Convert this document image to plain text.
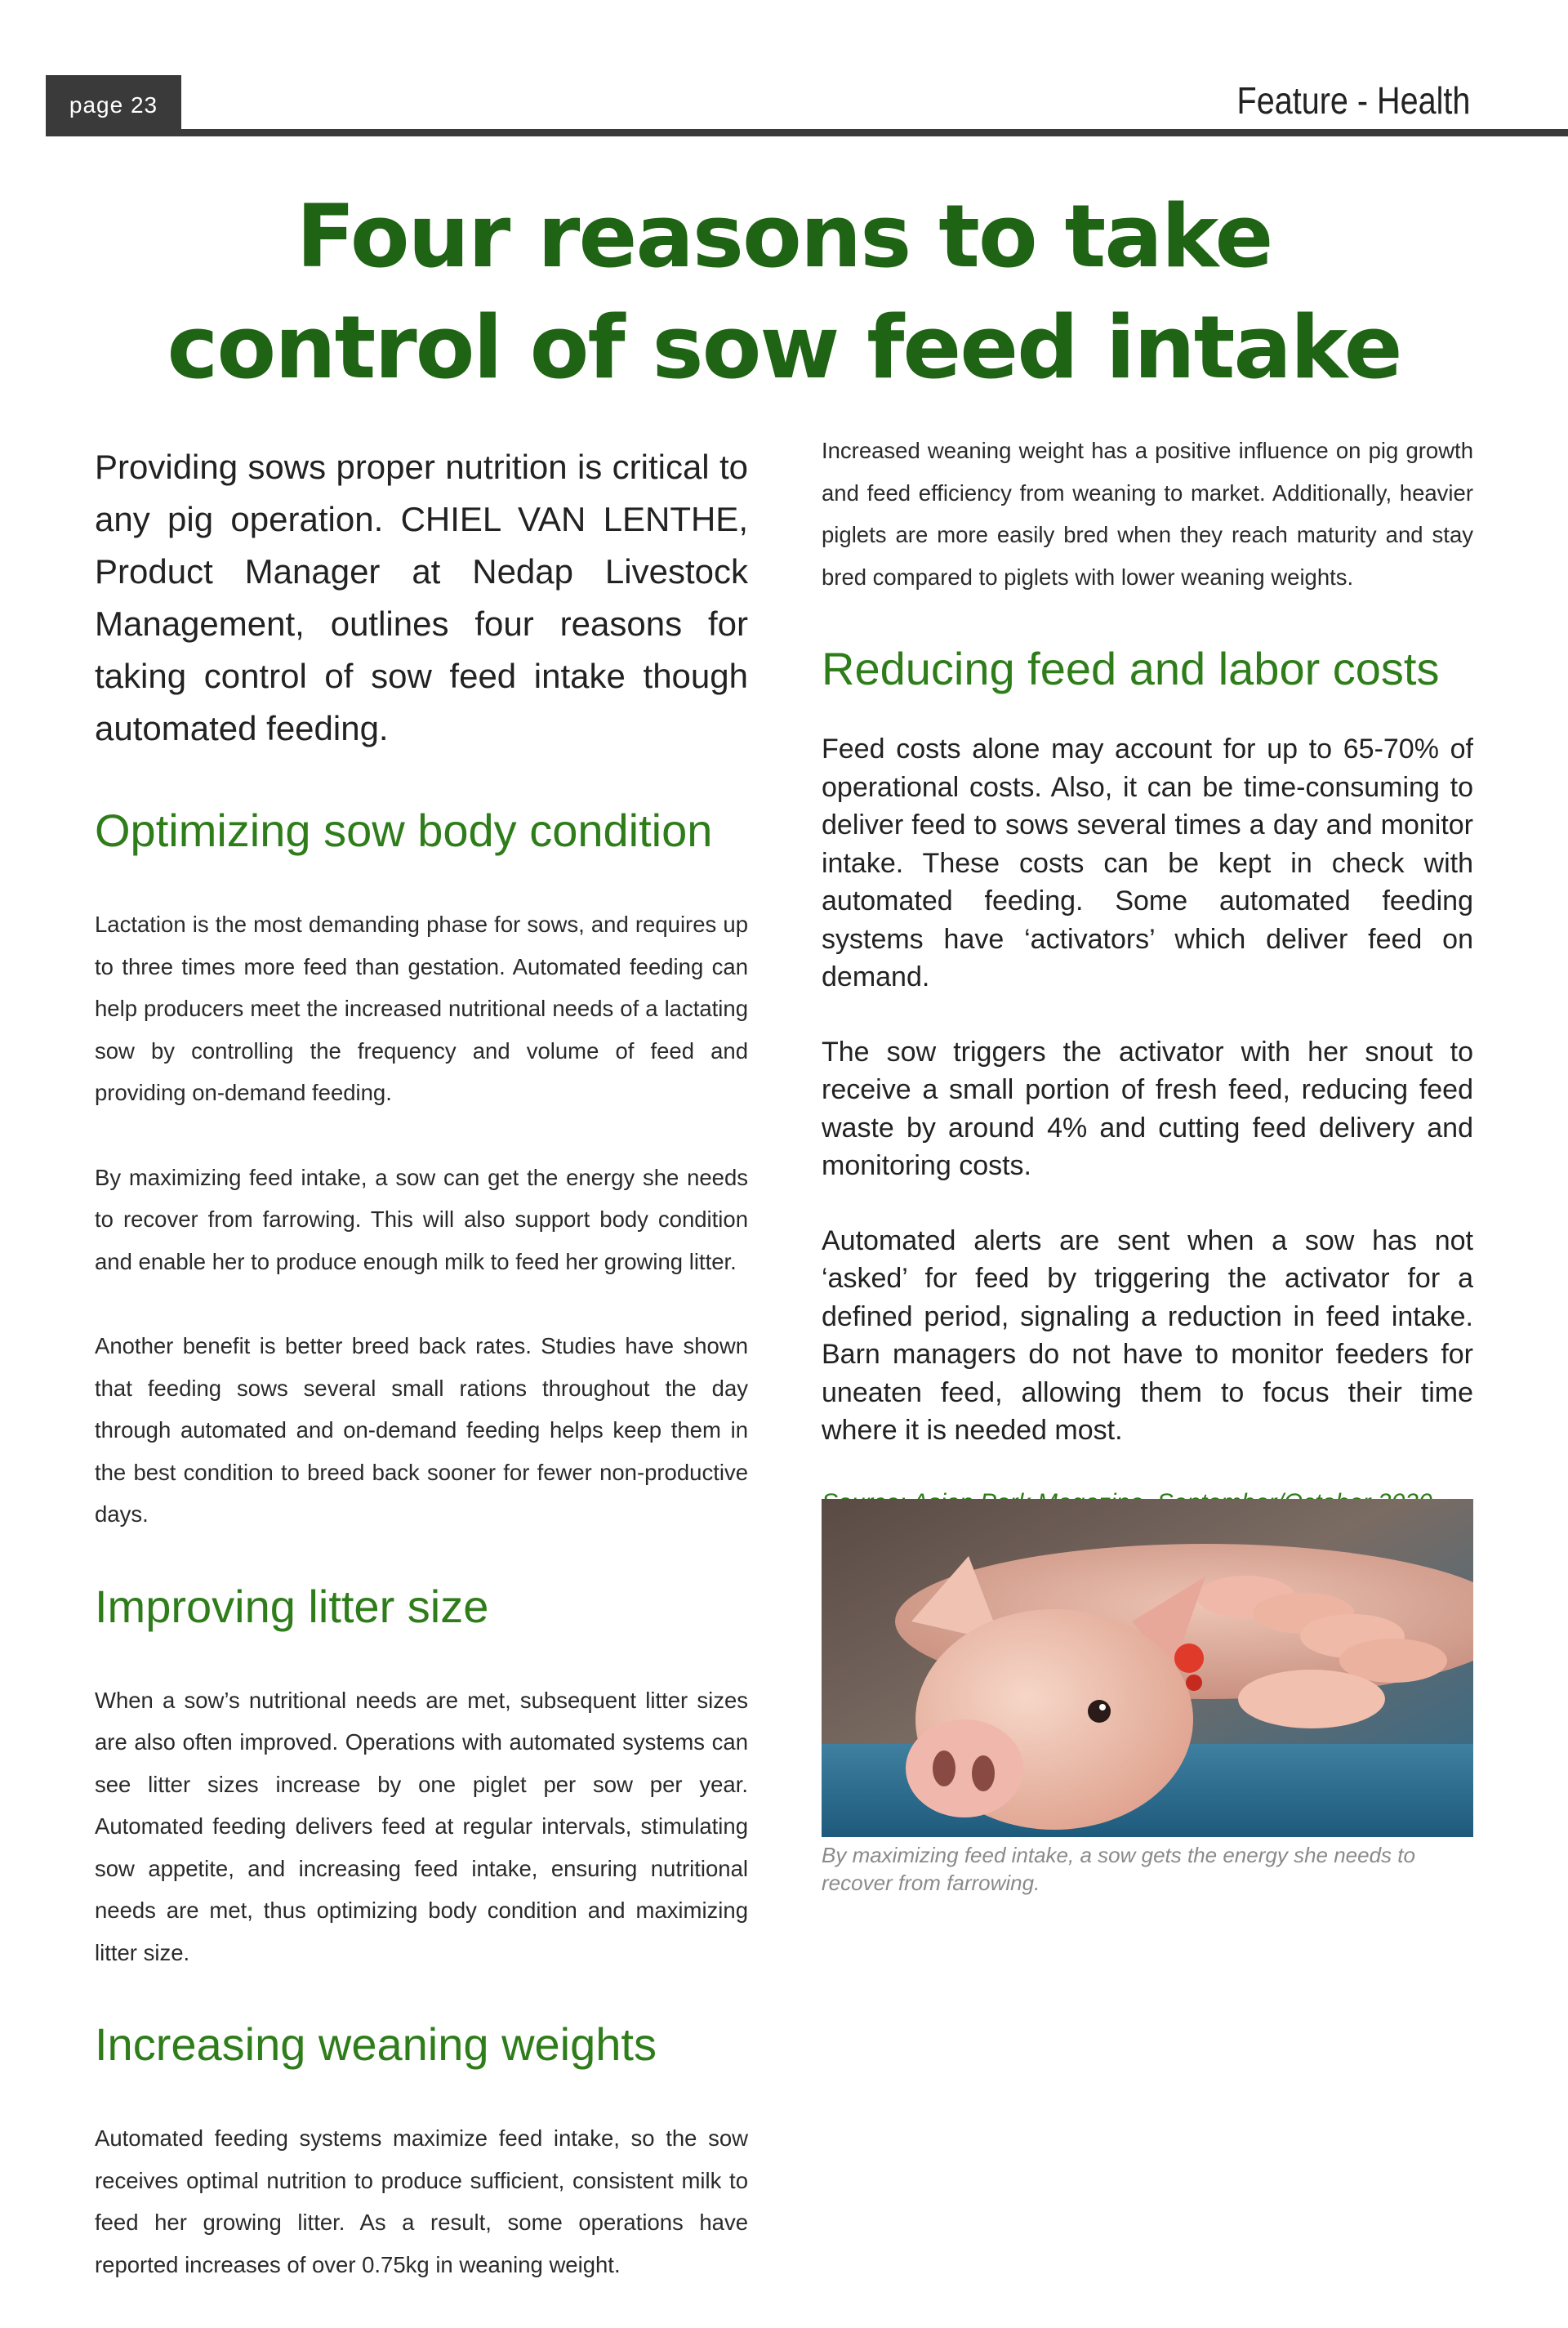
page 23	Feature - Health
Four reasons to take control of sow feed intake

Providing sows proper nutrition is critical to any pig operation. CHIEL VAN LENTHE, Product Manager at Nedap Livestock Management, outlines four reasons for taking control of sow feed intake though automated feeding.

Optimizing sow body condition

Lactation is the most demanding phase for sows, and requires up to three times more feed than gestation. Automated feeding can help producers meet the increased nutritional needs of a lactating sow by controlling the frequency and volume of feed and providing on-demand feeding.

By maximizing feed intake, a sow can get the energy she needs to recover from farrowing. This will also support body condition and enable her to produce enough milk to feed her growing litter.

Another benefit is better breed back rates. Studies have shown that feeding sows several small rations throughout the day through automated and on-demand feeding helps keep them in the best condition to breed back sooner for fewer non-productive days.

Improving litter size

When a sow’s nutritional needs are met, subsequent litter sizes are also often improved. Operations with automated systems can see litter sizes increase by one piglet per sow per year. Automated feeding delivers feed at regular intervals, stimulating sow appetite, and increasing feed intake, ensuring nutritional needs are met, thus optimizing body condition and maximizing litter size.

Increasing weaning weights

Automated feeding systems maximize feed intake, so the sow receives optimal nutrition to produce sufficient, consistent milk to feed her growing litter. As a result, some operations have reported increases of over 0.75kg in weaning weight.

Increased weaning weight has a positive influence on pig growth and feed efficiency from weaning to market. Additionally, heavier piglets are more easily bred when they reach maturity and stay bred compared to piglets with lower weaning weights.

Reducing feed and labor costs

Feed costs alone may account for up to 65-70% of operational costs. Also, it can be time-consuming to deliver feed to sows several times a day and monitor intake. These costs can be kept in check with automated feeding. Some automated feeding systems have ‘activators’ which deliver feed on demand.

The sow triggers the activator with her snout to receive a small portion of fresh feed, reducing feed waste by around 4% and cutting feed delivery and monitoring costs.

Automated alerts are sent when a sow has not ‘asked’ for feed by triggering the activator for a defined period, signaling a reduction in feed intake. Barn managers do not have to monitor feeders for uneaten feed, allowing them to focus their time where it is needed most.

By maximizing feed intake, a sow gets the energy she needs to recover from farrowing.
